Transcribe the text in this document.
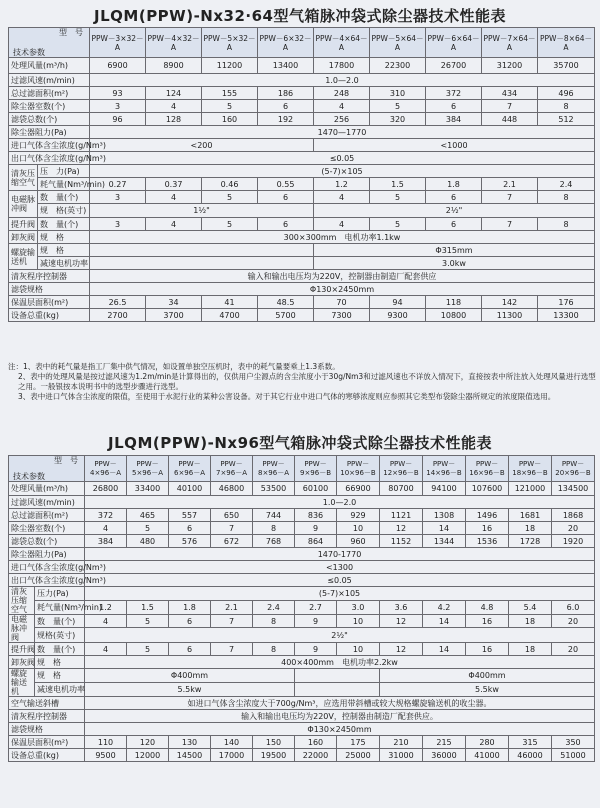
JLQM(PPW)-Nx32·64型气箱脉冲袋式除尘器技术性能表
型　号
技术参数		PPW－3×32－A	PPW－4×32－A	PPW－5×32－A	PPW－6×32－A	PPW－4×64－A	PPW－5×64－A	PPW－6×64－A	PPW－7×64－A	PPW－8×64－A
处理风量(m³/h)		6900	8900	11200	13400	17800	22300	26700	31200	35700
过滤风速(m/min)		1.0—2.0								
总过滤面积(m²)		93	124	155	186	248	310	372	434	496
除尘器室数(个)		3	4	5	6	4	5	6	7	8
滤袋总数(个)		96	128	160	192	256	320	384	448	512
除尘器阻力(Pa)		1470—1770								
进口气体含尘浓度(g/Nm³)		<200				<1000				
出口气体含尘浓度(g/Nm³)		≤0.05								
清灰压缩空气	压　力(Pa)	(5-7)×105								
	耗气量(Nm³/min)	0.27	0.37	0.46	0.55	1.2	1.5	1.8	2.1	2.4
电磁脉冲阀	数　量(个)	3	4	5	6	4	5	6	7	8
	规　格(英寸)	1½"				2½"				
提升阀	数　量(个)	3	4	5	6	4	5	6	7	8
卸灰阀	规　格	300×300mm　电机功率1.1kw								
螺旋输送机	规　格					Φ315mm				
	减速电机功率					3.0kw				
清灰程序控制器		输入和输出电压均为220V，控制器由制造厂配套供应								
滤袋规格		Φ130×2450mm								
保温层面积(m²)		26.5	34	41	48.5	70	94	118	142	176
设备总重(kg)		2700	3700	4700	5700	7300	9300	10800	11300	13300

注：1、表中的耗气量是指工厂集中供气情况，如设置单独空压机时，表中的耗气量要乘上1.3系数。

2、表中的处理风量是按过滤风速为1.2m/min是计算得出的，仅供用户尘源点的含尘浓度小于30g/Nm3和过滤风速也不详放入情况下，直接按表中所注放入处理风量进行选型之用。一般银按本说明书中的选型步骤进行选型。

3、表中进口气体含尘浓度的限值，至使用于水泥行业的某种公害设备。对于其它行业中进口气体的寒够浓度则应参照其它类型布袋除尘器所规定的浓度限值选用。

JLQM(PPW)-Nx96型气箱脉冲袋式除尘器技术性能表
型　号
技术参数		PPW－4×96－A	PPW－5×96－A	PPW－6×96－A	PPW－7×96－A	PPW－8×96－A	PPW－9×96－B	PPW－10×96－B	PPW－12×96－B	PPW－14×96－B	PPW－16×96－B	PPW－18×96－B	PPW－20×96－B
处理风量(m³/h)		26800	33400	40100	46800	53500	60100	66900	80700	94100	107600	121000	134500
过滤风速(m/min)		1.0—2.0											
总过滤面积(m²)		372	465	557	650	744	836	929	1121	1308	1496	1681	1868
除尘器室数(个)		4	5	6	7	8	9	10	12	14	16	18	20
滤袋总数(个)		384	480	576	672	768	864	960	1152	1344	1536	1728	1920
除尘器阻力(Pa)		1470-1770											
进口气体含尘浓度(g/Nm³)		<1300											
出口气体含尘浓度(g/Nm³)		≤0.05											
清灰压缩空气	压力(Pa)	(5-7)×105											
	耗气量(Nm³/min)	1.2	1.5	1.8	2.1	2.4	2.7	3.0	3.6	4.2	4.8	5.4	6.0
电磁脉冲阀	数　量(个)	4	5	6	7	8	9	10	12	14	16	18	20
	规格(英寸)	2½"											
提升阀	数　量(个)	4	5	6	7	8	9	10	12	14	16	18	20
卸灰阀	规　格	400×400mm　电机功率2.2kw											
螺旋输送机	规　格	Φ400mm							Φ400mm				
	减速电机功率	5.5kw							5.5kw				
空气输送斜槽		如进口气体含尘浓度大于700g/Nm³，应选用带斜槽或较大规格螺旋输送机的收尘器。											
清灰程序控制器		输入和输出电压均为220V，控制器由制造厂配套供应。											
滤袋规格		Φ130×2450mm											
保温层面积(m²)		110	120	130	140	150	160	175	210	215	280	315	350
设备总重(kg)		9500	12000	14500	17000	19500	22000	25000	31000	36000	41000	46000	51000
